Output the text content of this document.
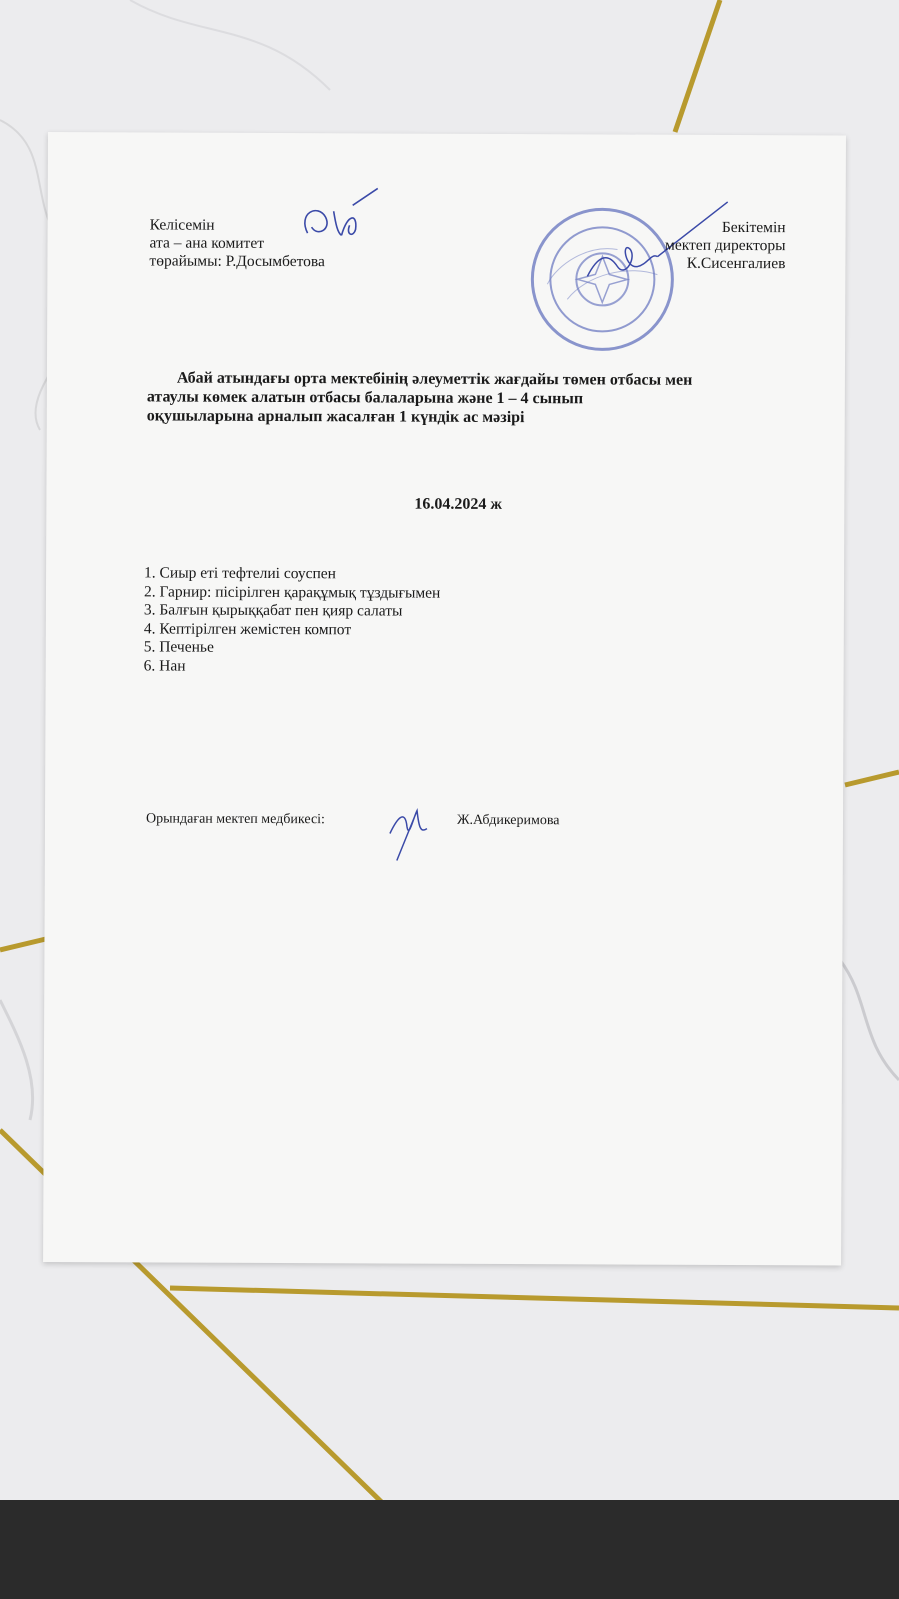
Келісемін
ата – ана комитет
төрайымы: Р.Досымбетова
Бекітемін
мектеп директоры
К.Сисенгалиев
Абай атындағы орта мектебінің әлеуметтік жағдайы төмен отбасы мен
атаулы көмек алатын отбасы балаларына және 1 – 4 сынып
оқушыларына арналып жасалған 1 күндік ас мәзірі
16.04.2024 ж
1. Сиыр еті тефтелиі соуспен
2. Гарнир: пісірілген қарақұмық тұздығымен
3. Балғын қырыққабат пен қияр салаты
4. Кептірілген жемістен компот
5. Печенье
6. Нан
Орындаған мектеп медбикесі:	Ж.Абдикеримова
